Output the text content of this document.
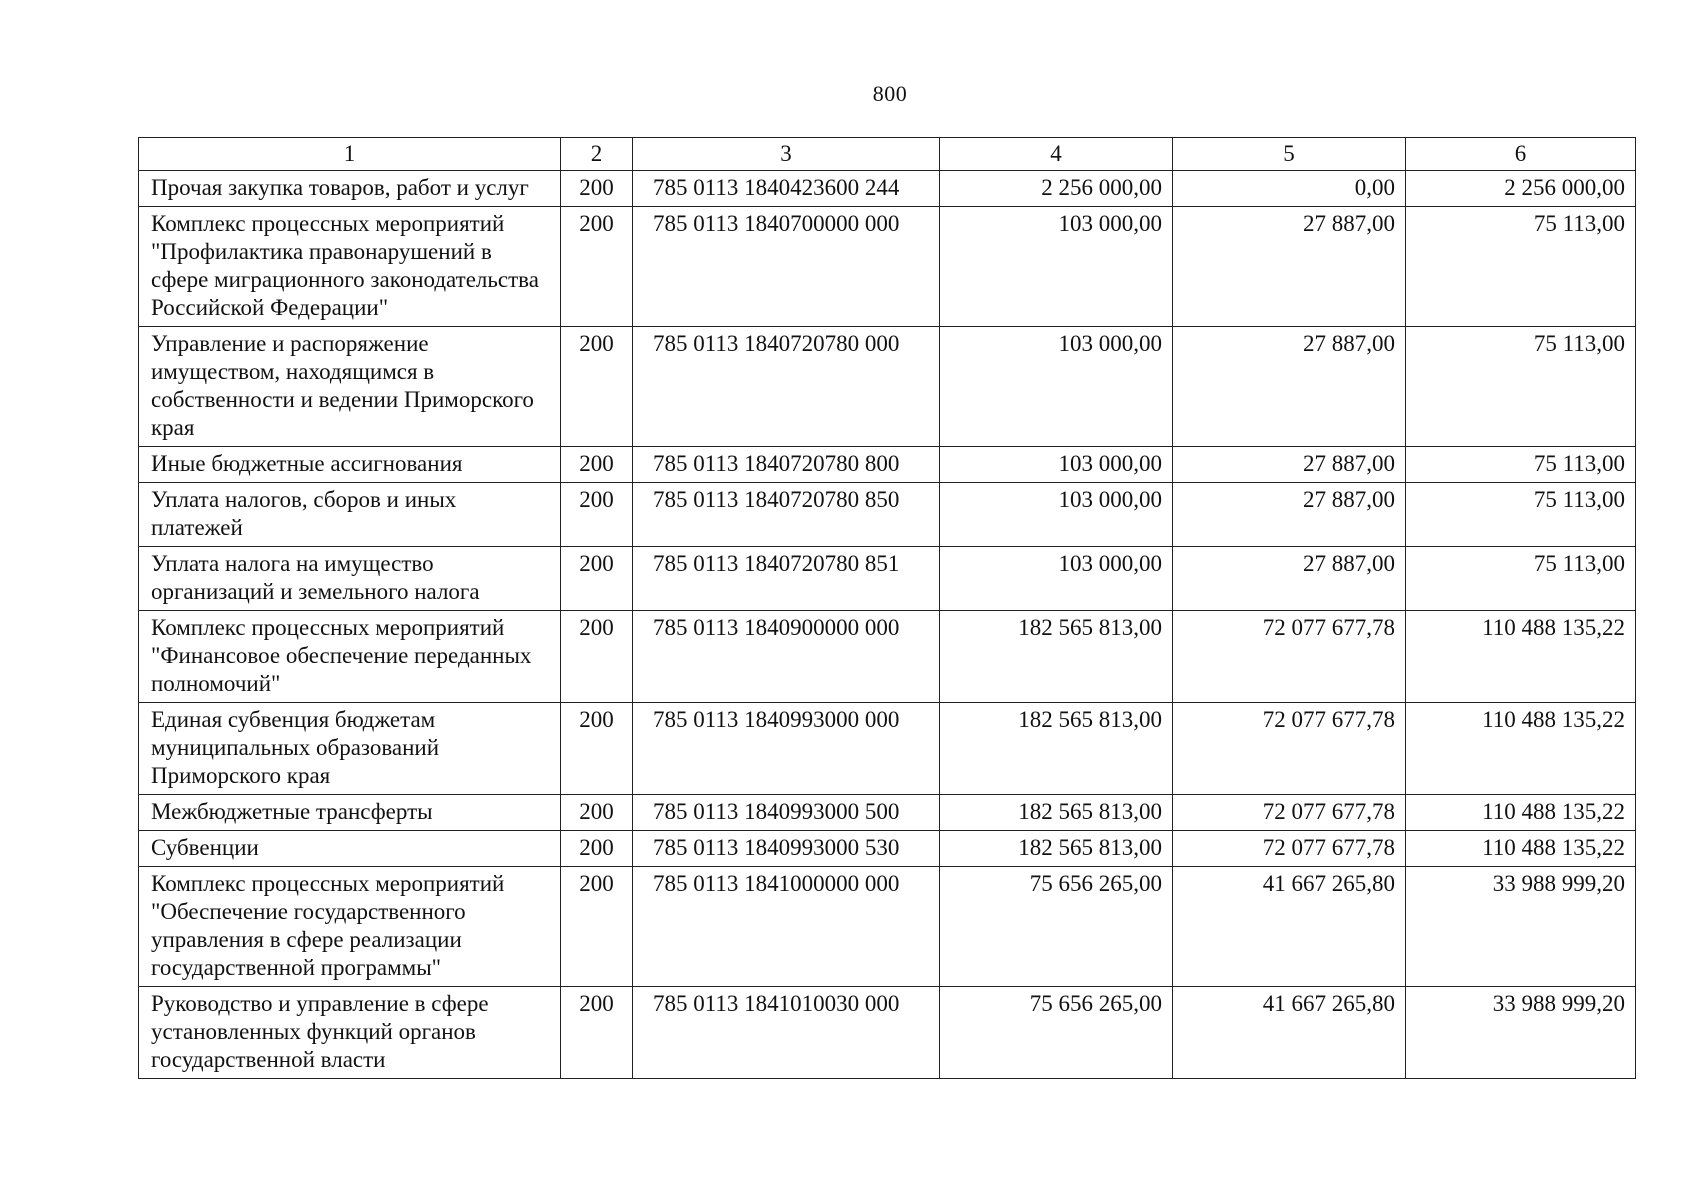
800
1	2	3	4	5	6
Прочая закупка товаров, работ и услуг	200	785 0113 1840423600 244	2 256 000,00	0,00	2 256 000,00
Комплекс процессных мероприятий "Профилактика правонарушений в сфере миграционного законодательства Российской Федерации"	200	785 0113 1840700000 000	103 000,00	27 887,00	75 113,00
Управление и распоряжение имуществом, находящимся в собственности и ведении Приморского края	200	785 0113 1840720780 000	103 000,00	27 887,00	75 113,00
Иные бюджетные ассигнования	200	785 0113 1840720780 800	103 000,00	27 887,00	75 113,00
Уплата налогов, сборов и иных платежей	200	785 0113 1840720780 850	103 000,00	27 887,00	75 113,00
Уплата налога на имущество организаций и земельного налога	200	785 0113 1840720780 851	103 000,00	27 887,00	75 113,00
Комплекс процессных мероприятий "Финансовое обеспечение переданных полномочий"	200	785 0113 1840900000 000	182 565 813,00	72 077 677,78	110 488 135,22
Единая субвенция бюджетам муниципальных образований Приморского края	200	785 0113 1840993000 000	182 565 813,00	72 077 677,78	110 488 135,22
Межбюджетные трансферты	200	785 0113 1840993000 500	182 565 813,00	72 077 677,78	110 488 135,22
Субвенции	200	785 0113 1840993000 530	182 565 813,00	72 077 677,78	110 488 135,22
Комплекс процессных мероприятий "Обеспечение государственного управления в сфере реализации государственной программы"	200	785 0113 1841000000 000	75 656 265,00	41 667 265,80	33 988 999,20
Руководство и управление в сфере установленных функций органов государственной власти	200	785 0113 1841010030 000	75 656 265,00	41 667 265,80	33 988 999,20
